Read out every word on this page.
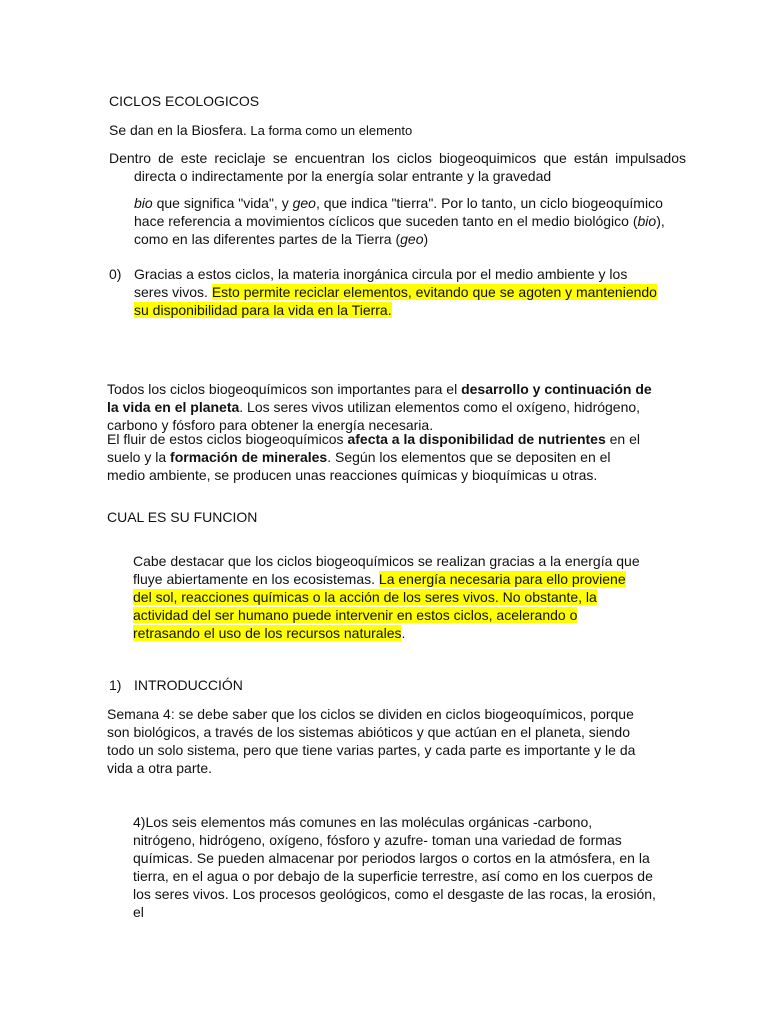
CICLOS ECOLOGICOS
Se dan en la Biosfera. La forma como un elemento
Dentro de este reciclaje se encuentran los ciclos biogeoquimicos que están impulsados directa o indirectamente por la energía solar entrante y la gravedad
bio que significa "vida", y geo, que indica "tierra". Por lo tanto, un ciclo biogeoquímico hace referencia a movimientos cíclicos que suceden tanto en el medio biológico (bio), como en las diferentes partes de la Tierra (geo)
0) Gracias a estos ciclos, la materia inorgánica circula por el medio ambiente y los seres vivos. Esto permite reciclar elementos, evitando que se agoten y manteniendo su disponibilidad para la vida en la Tierra.
Todos los ciclos biogeoquímicos son importantes para el desarrollo y continuación de la vida en el planeta. Los seres vivos utilizan elementos como el oxígeno, hidrógeno, carbono y fósforo para obtener la energía necesaria.
El fluir de estos ciclos biogeoquímicos afecta a la disponibilidad de nutrientes en el suelo y la formación de minerales. Según los elementos que se depositen en el medio ambiente, se producen unas reacciones químicas y bioquímicas u otras.
CUAL ES SU FUNCION
Cabe destacar que los ciclos biogeoquímicos se realizan gracias a la energía que fluye abiertamente en los ecosistemas. La energía necesaria para ello proviene del sol, reacciones químicas o la acción de los seres vivos. No obstante, la actividad del ser humano puede intervenir en estos ciclos, acelerando o retrasando el uso de los recursos naturales.
1) INTRODUCCIÓN
Semana 4: se debe saber que los ciclos se dividen en ciclos biogeoquímicos, porque son biológicos, a través de los sistemas abióticos y que actúan en el planeta, siendo todo un solo sistema, pero que tiene varias partes, y cada parte es importante y le da vida a otra parte.
4)Los seis elementos más comunes en las moléculas orgánicas -carbono, nitrógeno, hidrógeno, oxígeno, fósforo y azufre- toman una variedad de formas químicas. Se pueden almacenar por periodos largos o cortos en la atmósfera, en la tierra, en el agua o por debajo de la superficie terrestre, así como en los cuerpos de los seres vivos. Los procesos geológicos, como el desgaste de las rocas, la erosión, el
